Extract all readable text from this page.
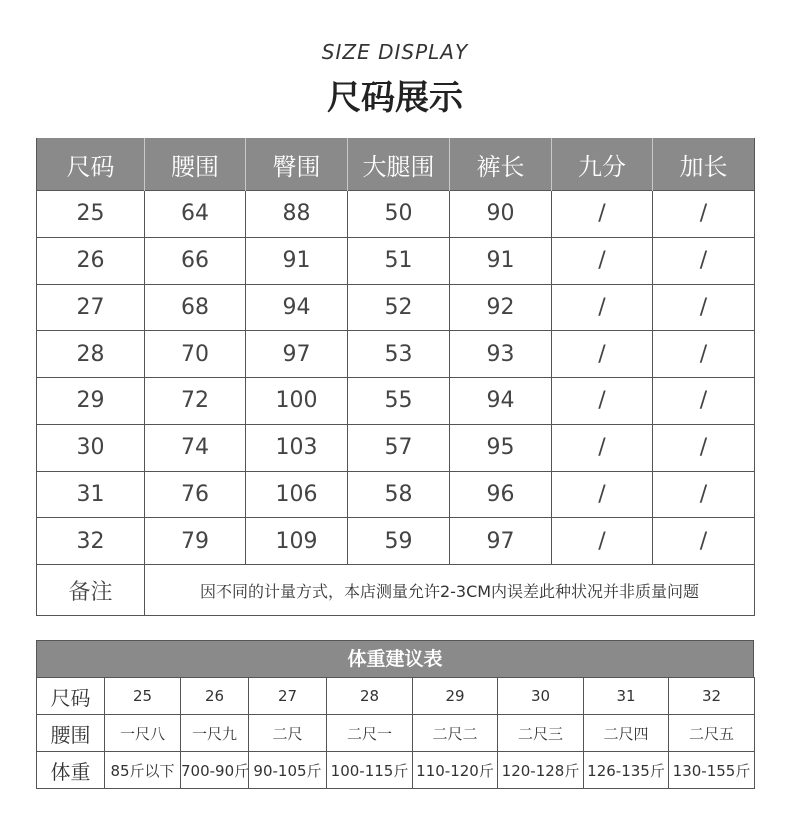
SIZE DISPLAY
尺码展示
尺码	腰围	臀围	大腿围	裤长	九分	加长
25	64	88	50	90	/	/
26	66	91	51	91	/	/
27	68	94	52	92	/	/
28	70	97	53	93	/	/
29	72	100	55	94	/	/
30	74	103	57	95	/	/
31	76	106	58	96	/	/
32	79	109	59	97	/	/
备注	因不同的计量方式，本店测量允许2-3CM内误差此种状况并非质量问题					
体重建议表
尺码	25	26	27	28	29	30	31	32
腰围	一尺八	一尺九	二尺	二尺一	二尺二	二尺三	二尺四	二尺五
体重	85斤以下	700-90斤	90-105斤	100-115斤	110-120斤	120-128斤	126-135斤	130-155斤
